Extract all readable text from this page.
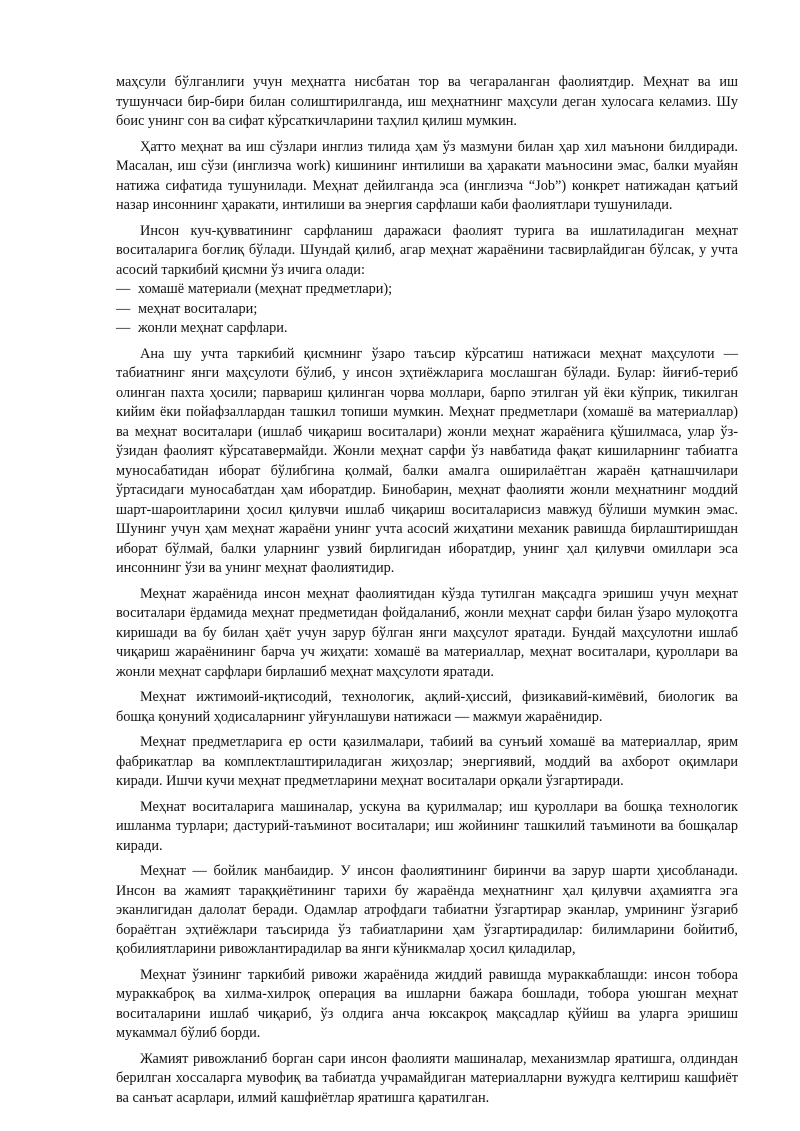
маҳсули бўлганлиги учун меҳнатга нисбатан тор ва чегараланган фаолиятдир. Меҳнат ва иш тушунчаси бир-бири билан солиштирилганда, иш меҳнатнинг маҳсули деган хулосага келамиз. Шу боис унинг сон ва сифат кўрсаткичларини таҳлил қилиш мумкин.

Ҳатто меҳнат ва иш сўзлари инглиз тилида ҳам ўз мазмуни билан ҳар хил маънони билдиради. Масалан, иш сўзи (инглизча work) кишининг интилиши ва ҳаракати маъносини эмас, балки муайян натижа сифатида тушунилади. Меҳнат дейилганда эса (инглизча “Job”) конкрет натижадан қатъий назар инсоннинг ҳаракати, интилиши ва энергия сарфлаши каби фаолиятлари тушунилади.

Инсон куч-қувватининг сарфланиш даражаси фаолият турига ва ишлатиладиган меҳнат воситаларига боғлиқ бўлади. Шундай қилиб, агар меҳнат жараёнини тасвирлайдиган бўлсак, у учта асосий таркибий қисмни ўз ичига олади:

— хомашё материали (меҳнат предметлари);
— меҳнат воситалари;
— жонли меҳнат сарфлари.

Ана шу учта таркибий қисмнинг ўзаро таъсир кўрсатиш натижаси меҳнат маҳсулоти — табиатнинг янги маҳсулоти бўлиб, у инсон эҳтиёжларига мослашган бўлади. Булар: йиғиб-териб олинган пахта ҳосили; парвариш қилинган чорва моллари, барпо этилган уй ёки кўприк, тикилган кийим ёки пойафзаллардан ташкил топиши мумкин. Меҳнат предметлари (хомашё ва материаллар) ва меҳнат воситалари (ишлаб чиқариш воситалари) жонли меҳнат жараёнига қўшилмаса, улар ўз-ўзидан фаолият кўрсатавермайди. Жонли меҳнат сарфи ўз навбатида фақат кишиларнинг табиатга муносабатидан иборат бўлибгина қолмай, балки амалга оширилаётган жараён қатнашчилари ўртасидаги муносабатдан ҳам иборатдир. Бинобарин, меҳнат фаолияти жонли меҳнатнинг моддий шарт-шароитларини ҳосил қилувчи ишлаб чиқариш воситаларисиз мавжуд бўлиши мумкин эмас. Шунинг учун ҳам меҳнат жараёни унинг учта асосий жиҳатини механик равишда бирлаштиришдан иборат бўлмай, балки уларнинг узвий бирлигидан иборатдир, унинг ҳал қилувчи омиллари эса инсоннинг ўзи ва унинг меҳнат фаолиятидир.

Меҳнат жараёнида инсон меҳнат фаолиятидан кўзда тутилган мақсадга эришиш учун меҳнат воситалари ёрдамида меҳнат предметидан фойдаланиб, жонли меҳнат сарфи билан ўзаро мулоқотга киришади ва бу билан ҳаёт учун зарур бўлган янги маҳсулот яратади. Бундай маҳсулотни ишлаб чиқариш жараёнининг барча уч жиҳати: хомашё ва материаллар, меҳнат воситалари, қуроллари ва жонли меҳнат сарфлари бирлашиб меҳнат маҳсулоти яратади.

Меҳнат ижтимоий-иқтисодий, технологик, ақлий-ҳиссий, физикавий-кимёвий, биологик ва бошқа қонуний ҳодисаларнинг уйғунлашуви натижаси — мажмуи жараёнидир.

Меҳнат предметларига ер ости қазилмалари, табиий ва сунъий хомашё ва материаллар, ярим фабрикатлар ва комплектлаштириладиган жиҳозлар; энергиявий, моддий ва ахборот оқимлари киради. Ишчи кучи меҳнат предметларини меҳнат воситалари орқали ўзгартиради.

Меҳнат воситаларига машиналар, ускуна ва қурилмалар; иш қуроллари ва бошқа технологик ишланма турлари; дастурий-таъминот воситалари; иш жойининг ташкилий таъминоти ва бошқалар киради.

Меҳнат — бойлик манбаидир. У инсон фаолиятининг биринчи ва зарур шарти ҳисобланади. Инсон ва жамият тараққиётининг тарихи бу жараёнда меҳнатнинг ҳал қилувчи аҳамиятга эга эканлигидан далолат беради. Одамлар атрофдаги табиатни ўзгартирар эканлар, умрининг ўзгариб бораётган эҳтиёжлари таъсирида ўз табиатларини ҳам ўзгартирадилар: билимларини бойитиб, қобилиятларини ривожлантирадилар ва янги кўникмалар ҳосил қиладилар,

Меҳнат ўзининг таркибий ривожи жараёнида жиддий равишда мураккаблашди: инсон тобора мураккаброқ ва хилма-хилроқ операция ва ишларни бажара бошлади, тобора уюшган меҳнат воситаларини ишлаб чиқариб, ўз олдига анча юксакроқ мақсадлар қўйиш ва уларга эришиш мукаммал бўлиб борди.

Жамият ривожланиб борган сари инсон фаолияти машиналар, механизмлар яратишга, олдиндан берилган хоссаларга мувофиқ ва табиатда учрамайдиган материалларни вужудга келтириш кашфиёт ва санъат асарлари, илмий кашфиётлар яратишга қаратилган.
